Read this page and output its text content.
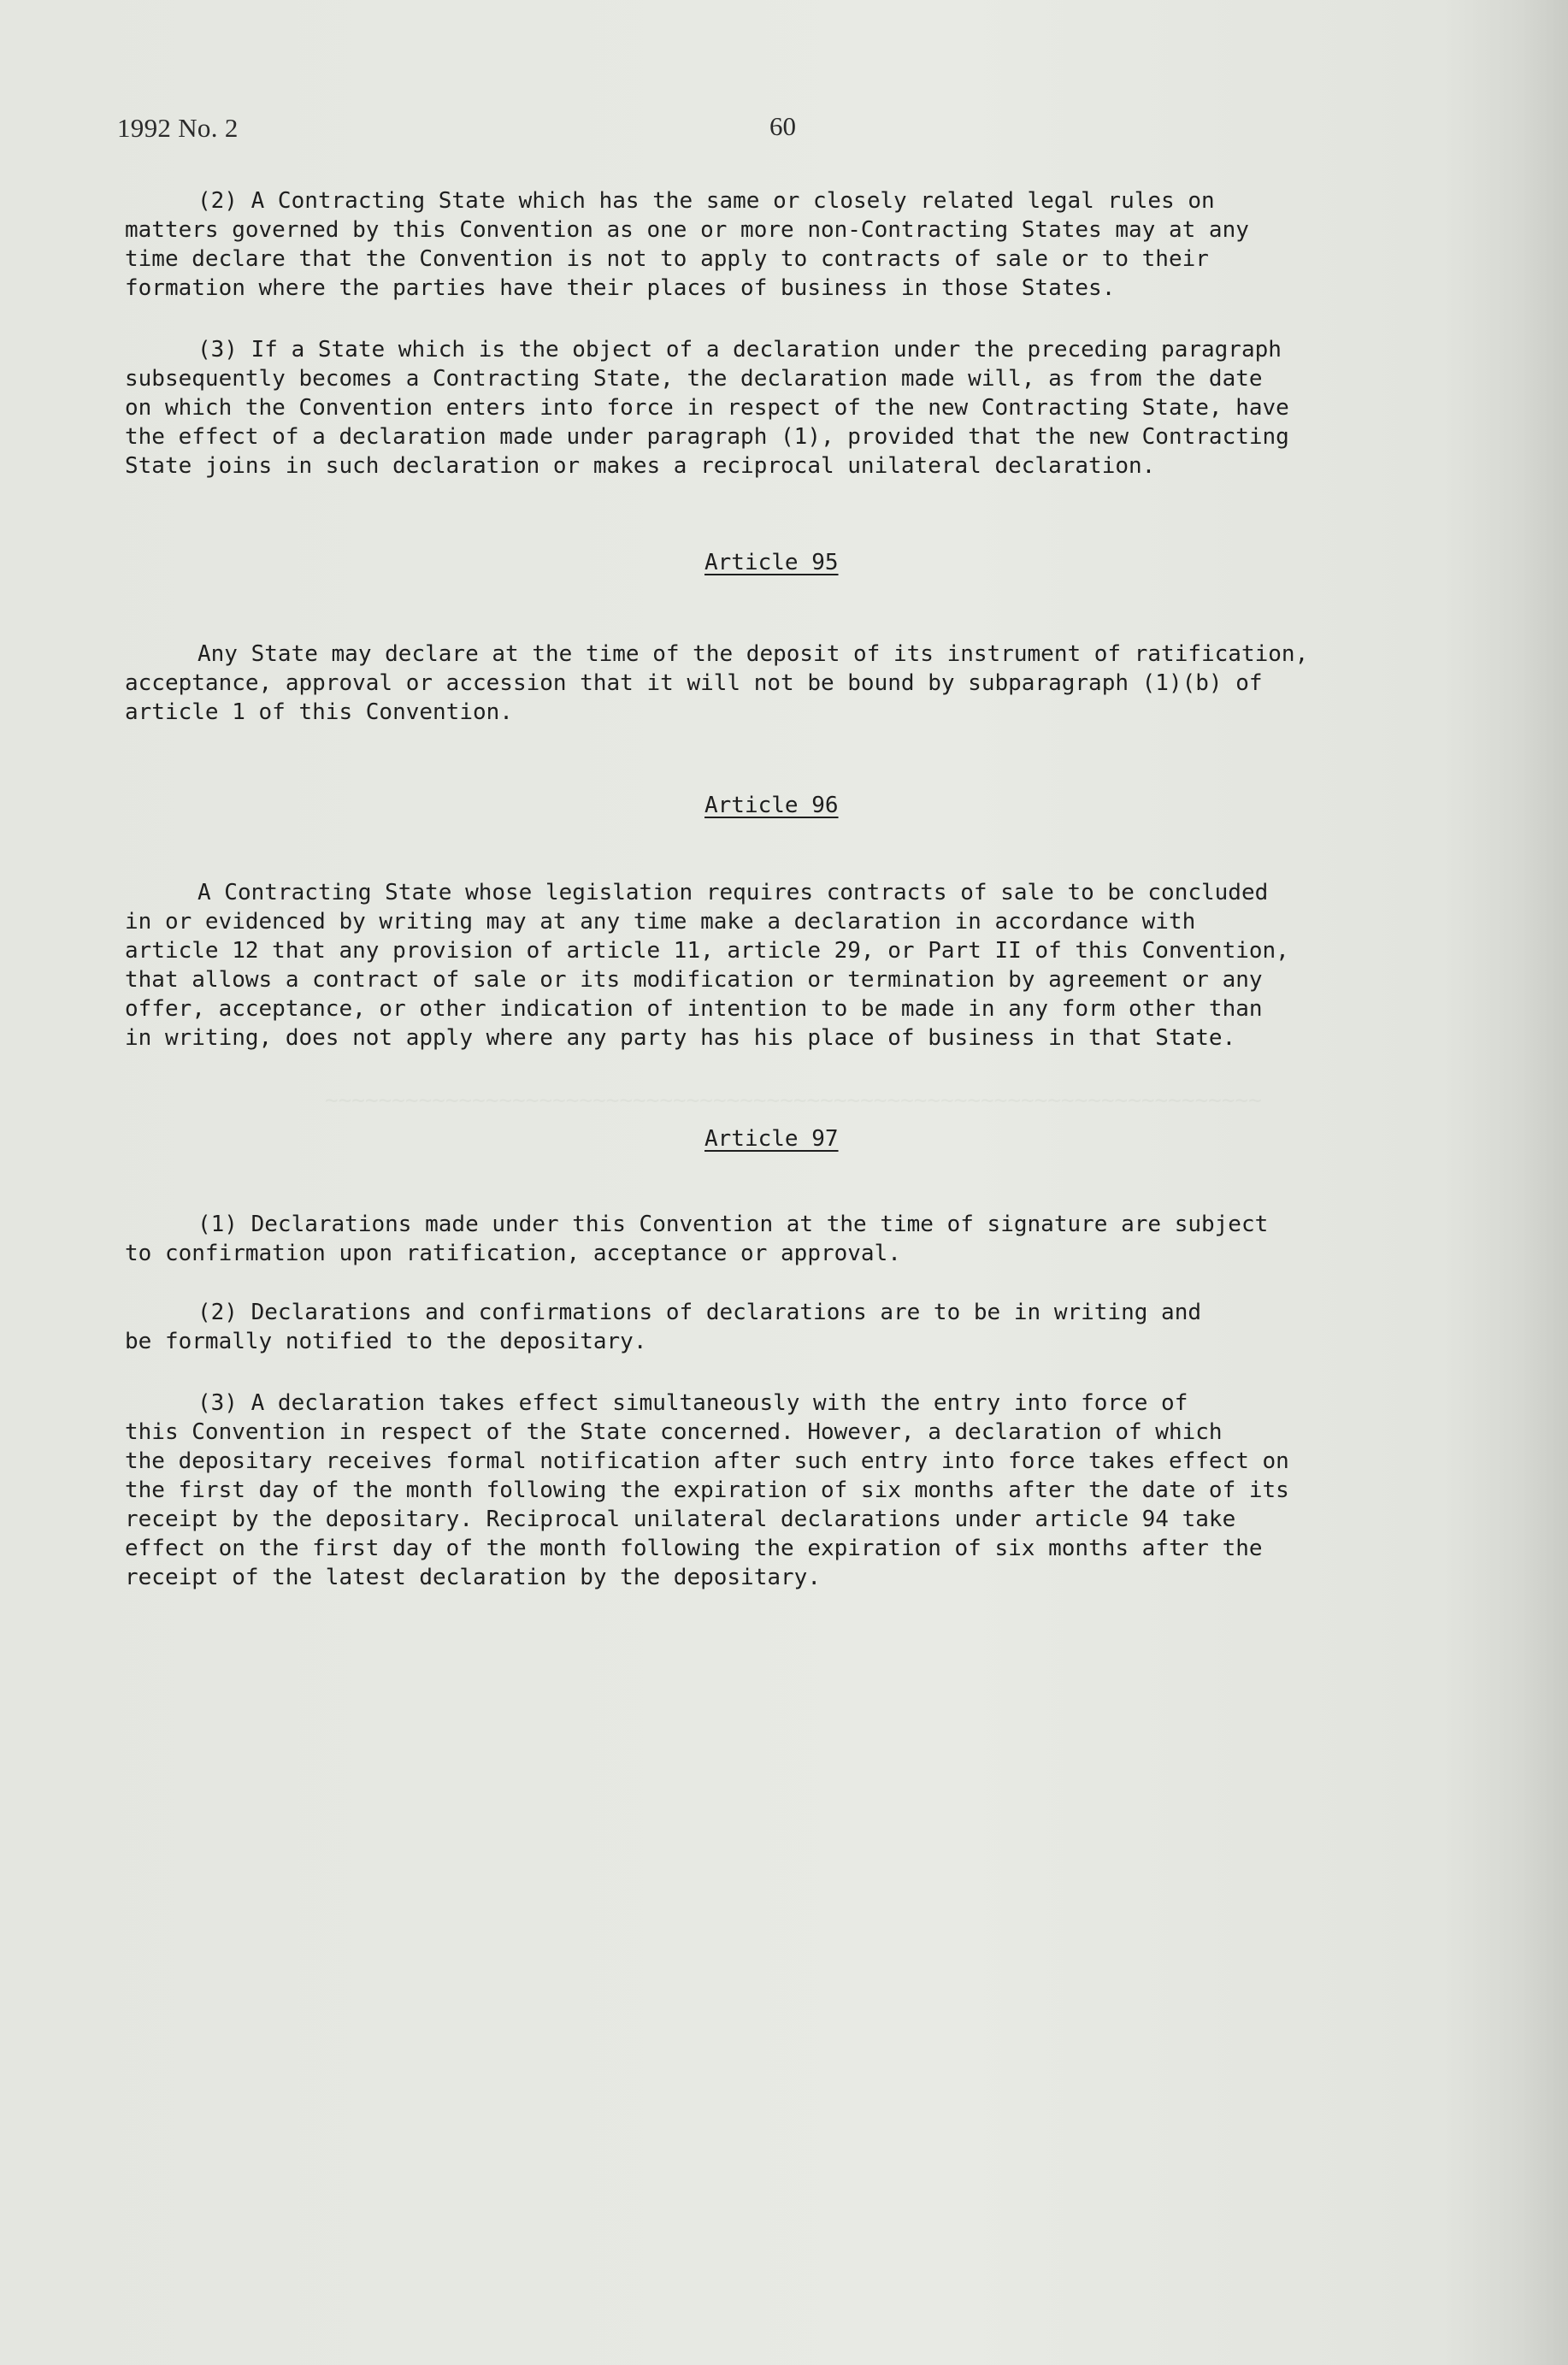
~~~~~~~~~~~~~~~~~~~~~~~~~~~~~~~~~~~~~~~~~~~~~~~~~~~~~~~~~~~~~~~~~~~~~~
1992 No. 2	60
(2) A Contracting State which has the same or closely related legal rules on
matters governed by this Convention as one or more non-Contracting States may at any
time declare that the Convention is not to apply to contracts of sale or to their
formation where the parties have their places of business in those States.
(3) If a State which is the object of a declaration under the preceding paragraph
subsequently becomes a Contracting State, the declaration made will, as from the date
on which the Convention enters into force in respect of the new Contracting State, have
the effect of a declaration made under paragraph (1), provided that the new Contracting
State joins in such declaration or makes a reciprocal unilateral declaration.
Article 95
Any State may declare at the time of the deposit of its instrument of ratification,
acceptance, approval or accession that it will not be bound by subparagraph (1)(b) of
article 1 of this Convention.
Article 96
A Contracting State whose legislation requires contracts of sale to be concluded
in or evidenced by writing may at any time make a declaration in accordance with
article 12 that any provision of article 11, article 29, or Part II of this Convention,
that allows a contract of sale or its modification or termination by agreement or any
offer, acceptance, or other indication of intention to be made in any form other than
in writing, does not apply where any party has his place of business in that State.
Article 97
(1) Declarations made under this Convention at the time of signature are subject
to confirmation upon ratification, acceptance or approval.
(2) Declarations and confirmations of declarations are to be in writing and
be formally notified to the depositary.
(3) A declaration takes effect simultaneously with the entry into force of
this Convention in respect of the State concerned. However, a declaration of which
the depositary receives formal notification after such entry into force takes effect on
the first day of the month following the expiration of six months after the date of its
receipt by the depositary. Reciprocal unilateral declarations under article 94 take
effect on the first day of the month following the expiration of six months after the
receipt of the latest declaration by the depositary.
